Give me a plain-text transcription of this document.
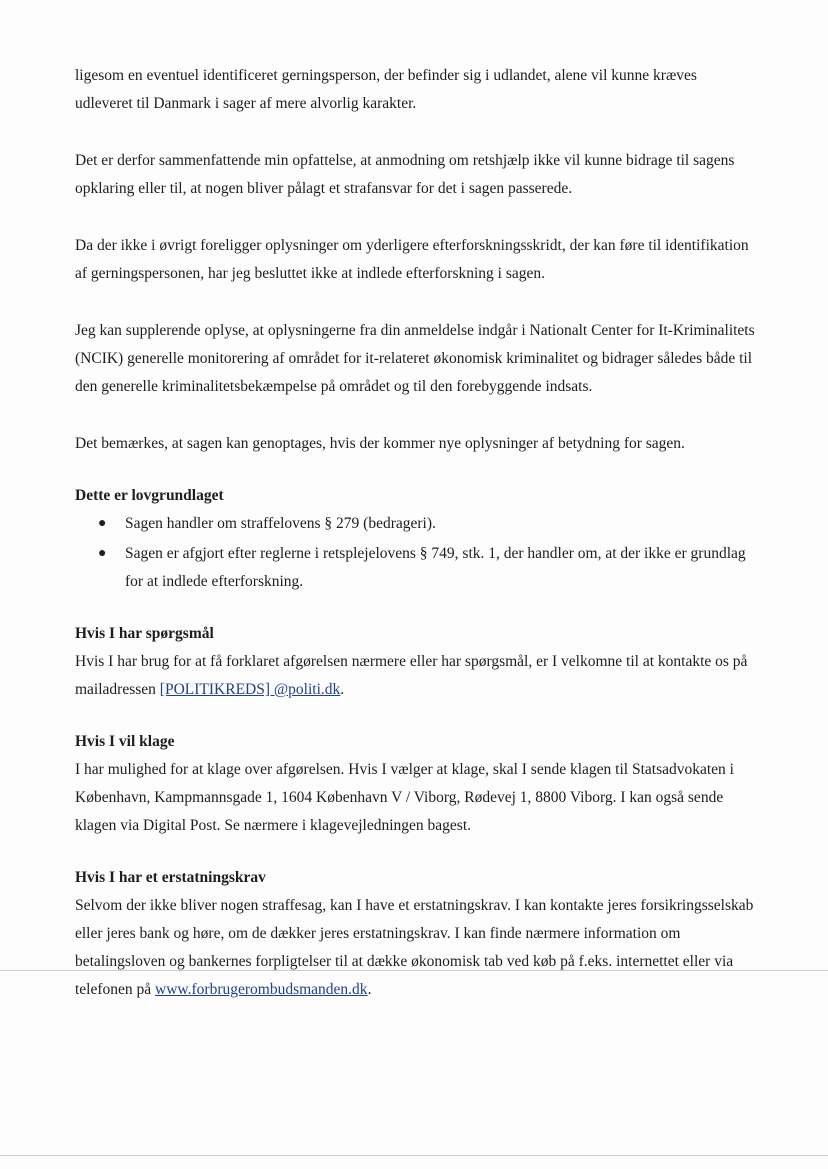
ligesom en eventuel identificeret gerningsperson, der befinder sig i udlandet, alene vil kunne kræves udleveret til Danmark i sager af mere alvorlig karakter.

Det er derfor sammenfattende min opfattelse, at anmodning om retshjælp ikke vil kunne bidrage til sagens opklaring eller til, at nogen bliver pålagt et strafansvar for det i sagen passerede.

Da der ikke i øvrigt foreligger oplysninger om yderligere efterforskningsskridt, der kan føre til identifikation af gerningspersonen, har jeg besluttet ikke at indlede efterforskning i sagen.

Jeg kan supplerende oplyse, at oplysningerne fra din anmeldelse indgår i Nationalt Center for It-Kriminalitets (NCIK) generelle monitorering af området for it-relateret økonomisk kriminalitet og bidrager således både til den generelle kriminalitetsbekæmpelse på området og til den forebyggende indsats.

Det bemærkes, at sagen kan genoptages, hvis der kommer nye oplysninger af betydning for sagen.

Dette er lovgrundlaget
● Sagen handler om straffelovens § 279 (bedrageri).
● Sagen er afgjort efter reglerne i retsplejelovens § 749, stk. 1, der handler om, at der ikke er grundlag for at indlede efterforskning.
Hvis I har spørgsmål

Hvis I har brug for at få forklaret afgørelsen nærmere eller har spørgsmål, er I velkomne til at kontakte os på mailadressen [POLITIKREDS] @politi.dk.

Hvis I vil klage

I har mulighed for at klage over afgørelsen. Hvis I vælger at klage, skal I sende klagen til Statsadvokaten i København, Kampmannsgade 1, 1604 København V / Viborg, Rødevej 1, 8800 Viborg. I kan også sende klagen via Digital Post. Se nærmere i klagevejledningen bagest.

Hvis I har et erstatningskrav

Selvom der ikke bliver nogen straffesag, kan I have et erstatningskrav. I kan kontakte jeres forsikringsselskab eller jeres bank og høre, om de dækker jeres erstatningskrav. I kan finde nærmere information om betalingsloven og bankernes forpligtelser til at dække økonomisk tab ved køb på f.eks. internettet eller via telefonen på www.forbrugerombudsmanden.dk.
